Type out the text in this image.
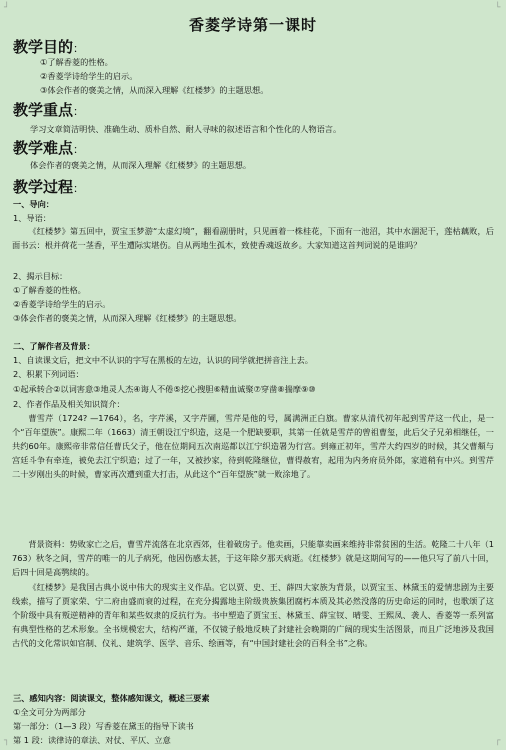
┘	└
┐	┌
香菱学诗第一课时
教学目的：
①了解香菱的性格。
②香菱学诗给学生的启示。
③体会作者的褒美之情，从而深入理解《红楼梦》的主题思想。
教学重点：
学习文章简洁明快、准确生动、质朴自然、耐人寻味的叙述语言和个性化的人物语言。
教学难点：
体会作者的褒美之情，从而深入理解《红楼梦》的主题思想。
教学过程：
一、导向：
1、导语：
《红楼梦》第五回中，贾宝玉梦游“太虚幻境”，翻看副册时，只见画着一株桂花，下面有一池沼，其中水涸泥干，莲枯藕败，后面书云：根并荷花一茎香，平生遭际实堪伤。自从两地生孤木，致使香魂返故乡。大家知道这首判词说的是谁吗？
2、揭示目标：
①了解香菱的性格。
②香菱学诗给学生的启示。
③体会作者的褒美之情，从而深入理解《红楼梦》的主题思想。
二、了解作者及背景：
1、自读课文后，把文中不认识的字写在黑板的左边，认识的同学就把拼音注上去。
2、积累下列词语：
①起承转合②以词害意③地灵人杰④诲人不倦⑤挖心搜胆⑥精血诚聚⑦穿凿⑧揣摩⑨⑩
2、作者作品及相关知识简介：
曹雪芹（1724? —1764），名，字芹溪，又字芹圃，雪芹是他的号，属满洲正白旗。曹家从清代初年起到雪芹这一代止，是一个“百年望族”。康熙二年（1663）清王朝设江宁织造，这是一个肥缺要职，其第一任就是雪芹的曾祖曹玺，此后父子兄弟相继任，一共约60年。康熙帝非常信任曹氏父子，他在位期间五次南巡都以江宁织造署为行宫。到雍正初年，雪芹大约四岁的时候，其父曹頫与宫廷斗争有牵连，被免去江宁织造；过了一年，又被抄家，待到乾隆继位，曹得赦宥，起用为内务府员外郎，家道稍有中兴。到雪芹二十岁刚出头的时候，曹家再次遭到重大打击，从此这个“百年望族”就一败涂地了。
背景资料：势败家亡之后，曹雪芹流落在北京西郊，住着破房子。他卖画，只能靠卖画来维持非常贫困的生活。乾隆二十八年（1763）秋冬之间，雪芹的唯一的儿子病死，他因伤感太甚，于这年除夕那天病逝。《红楼梦》就是这期间写的——他只写了前八十回，后四十回是高鹗续的。
《红楼梦》是我国古典小说中伟大的现实主义作品。它以贾、史、王、薛四大家族为背景，以贾宝玉、林黛玉的爱情悲剧为主要线索，描写了贾家荣、宁二府由盛而衰的过程，在充分揭露地主阶级贵族集团腐朽本质及其必然没落的历史命运的同时，也歌颂了这个阶级中具有叛逆精神的青年和某些奴隶的反抗行为。书中塑造了贾宝玉、林黛玉、薛宝钗、晴雯、王熙凤、袭人、香菱等一系列富有典型性格的艺术形象。全书规模宏大，结构严谨，不仅镜子般地反映了封建社会晚期的广阔的现实生活图景，而且广泛地涉及我国古代的文化常识如官制、仪礼、建筑学、医学、音乐、绘画等，有“中国封建社会的百科全书”之称。
三、感知内容：阅读课文，整体感知课文，概述三要素
①全文可分为两部分
第一部分：（1—3 段）写香菱在黛玉的指导下读书
第 1 段：读律诗的章法、对仗、平仄、立意
